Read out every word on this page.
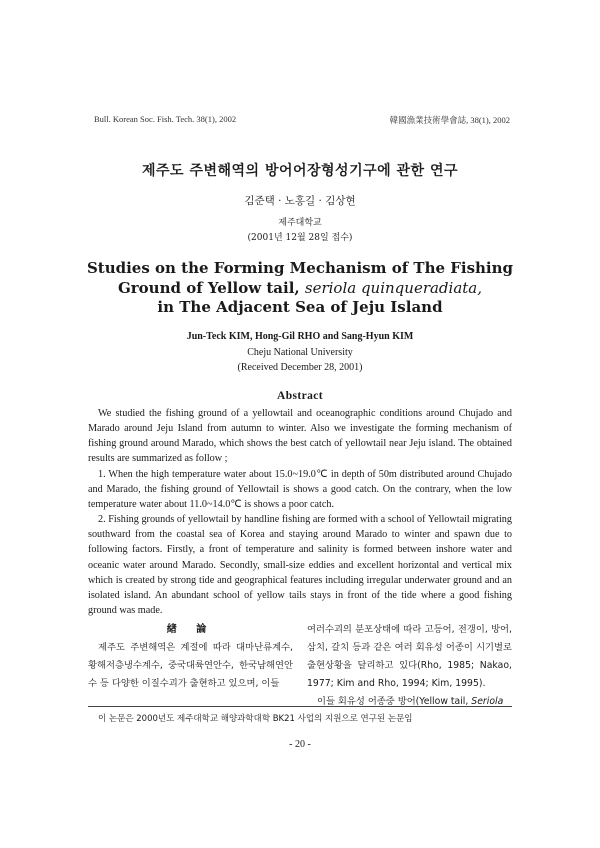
Bull. Korean Soc. Fish. Tech. 38(1), 2002	韓國漁業技術學會誌, 38(1), 2002
제주도 주변해역의 방어어장형성기구에 관한 연구
김준택 · 노홍길 · 김상현
제주대학교
(2001년 12월 28일 접수)
Studies on the Forming Mechanism of The Fishing
Ground of Yellow tail, seriola quinqueradiata,
in The Adjacent Sea of Jeju Island
Jun-Teck KIM, Hong-Gil RHO and Sang-Hyun KIM
Cheju National University
(Received December 28, 2001)
Abstract

We studied the fishing ground of a yellowtail and oceanographic conditions around Chujado and Marado around Jeju Island from autumn to winter. Also we investigate the forming mechanism of fishing ground around Marado, which shows the best catch of yellowtail near Jeju island. The obtained results are summarized as follow ;

1. When the high temperature water about 15.0~19.0℃ in depth of 50m distributed around Chujado and Marado, the fishing ground of Yellowtail is shows a good catch. On the contrary, when the low temperature water about 11.0~14.0℃ is shows a poor catch.

2. Fishing grounds of yellowtail by handline fishing are formed with a school of Yellowtail migrating southward from the coastal sea of Korea and staying around Marado to winter and spawn due to following factors. Firstly, a front of temperature and salinity is formed between inshore water and oceanic water around Marado. Secondly, small-size eddies and excellent horizontal and vertical mix which is created by strong tide and geographical features including irregular underwater ground and an isolated island. An abundant school of yellow tails stays in front of the tide where a good fishing ground was made.

緖 論

제주도 주변해역은 계절에 따라 대마난류계수, 황해저층냉수계수, 중국대륙연안수, 한국남해연안수 등 다양한 이질수괴가 출현하고 있으며, 이들

여러수괴의 분포상태에 따라 고등어, 전갱이, 방어, 삼치, 갈치 등과 같은 여러 회유성 어종이 시기별로 출현상황을 달리하고 있다(Rho, 1985; Nakao, 1977; Kim and Rho, 1994; Kim, 1995).

이들 회유성 어종중 방어(Yellow tail, Seriola

이 논문은 2000년도 제주대학교 해양과학대학 BK21 사업의 지원으로 연구된 논문임
- 20 -
